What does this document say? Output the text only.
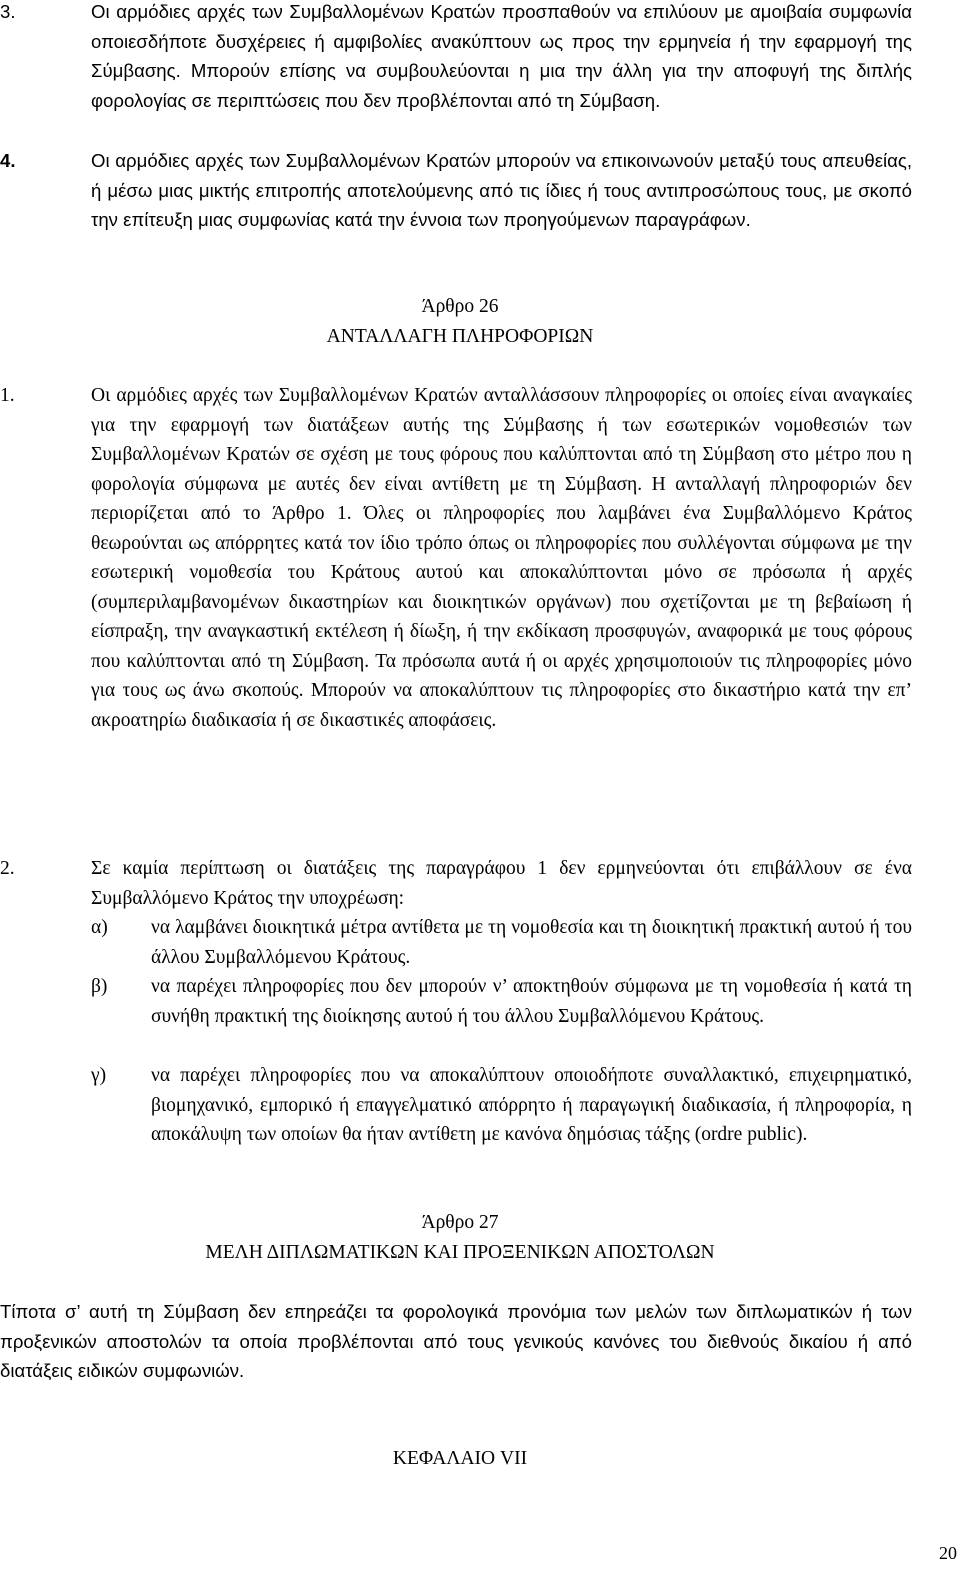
3.	Οι αρμόδιες αρχές των Συμβαλλομένων Κρατών προσπαθούν να επιλύουν με αμοιβαία συμφωνία οποιεσδήποτε δυσχέρειες ή αμφιβολίες ανακύπτουν ως προς την ερμηνεία ή την εφαρμογή της Σύμβασης. Μπορούν επίσης να συμβουλεύονται η μια την άλλη για την αποφυγή της διπλής φορολογίας σε περιπτώσεις που δεν προβλέπονται από τη Σύμβαση.
4.	Οι αρμόδιες αρχές των Συμβαλλομένων Κρατών μπορούν να επικοινωνούν μεταξύ τους απευθείας, ή μέσω μιας μικτής επιτροπής αποτελούμενης από τις ίδιες ή τους αντιπροσώπους τους, με σκοπό την επίτευξη μιας συμφωνίας κατά την έννοια των προηγούμενων παραγράφων.
Άρθρο 26
ΑΝΤΑΛΛΑΓΗ ΠΛΗΡΟΦΟΡΙΩΝ
1.	Οι αρμόδιες αρχές των Συμβαλλομένων Κρατών ανταλλάσσουν πληροφορίες οι οποίες είναι αναγκαίες για την εφαρμογή των διατάξεων αυτής της Σύμβασης ή των εσωτερικών νομοθεσιών των Συμβαλλομένων Κρατών σε σχέση με τους φόρους που καλύπτονται από τη Σύμβαση στο μέτρο που η φορολογία σύμφωνα με αυτές δεν είναι αντίθετη με τη Σύμβαση. Η ανταλλαγή πληροφοριών δεν περιορίζεται από το Άρθρο 1. Όλες οι πληροφορίες που λαμβάνει ένα Συμβαλλόμενο Κράτος θεωρούνται ως απόρρητες κατά τον ίδιο τρόπο όπως οι πληροφορίες που συλλέγονται σύμφωνα με την εσωτερική νομοθεσία του Κράτους αυτού και αποκαλύπτονται μόνο σε πρόσωπα ή αρχές (συμπεριλαμβανομένων δικαστηρίων και διοικητικών οργάνων) που σχετίζονται με τη βεβαίωση ή είσπραξη, την αναγκαστική εκτέλεση ή δίωξη, ή την εκδίκαση προσφυγών, αναφορικά με τους φόρους που καλύπτονται από τη Σύμβαση. Τα πρόσωπα αυτά ή οι αρχές χρησιμοποιούν τις πληροφορίες μόνο για τους ως άνω σκοπούς. Μπορούν να αποκαλύπτουν τις πληροφορίες στο δικαστήριο κατά την επ’ ακροατηρίω διαδικασία ή σε δικαστικές αποφάσεις.
2.	Σε καμία περίπτωση οι διατάξεις της παραγράφου 1 δεν ερμηνεύονται ότι επιβάλλουν σε ένα Συμβαλλόμενο Κράτος την υποχρέωση:
α) να λαμβάνει διοικητικά μέτρα αντίθετα με τη νομοθεσία και τη διοικητική πρακτική αυτού ή του άλλου Συμβαλλόμενου Κράτους.
β) να παρέχει πληροφορίες που δεν μπορούν ν’ αποκτηθούν σύμφωνα με τη νομοθεσία ή κατά τη συνήθη πρακτική της διοίκησης αυτού ή του άλλου Συμβαλλόμενου Κράτους.
γ) να παρέχει πληροφορίες που να αποκαλύπτουν οποιοδήποτε συναλλακτικό, επιχειρηματικό, βιομηχανικό, εμπορικό ή επαγγελματικό απόρρητο ή παραγωγική διαδικασία, ή πληροφορία, η αποκάλυψη των οποίων θα ήταν αντίθετη με κανόνα δημόσιας τάξης (ordre public).
Άρθρο 27
ΜΕΛΗ ΔΙΠΛΩΜΑΤΙΚΩΝ ΚΑΙ ΠΡΟΞΕΝΙΚΩΝ ΑΠΟΣΤΟΛΩΝ
Τίποτα σ’ αυτή τη Σύμβαση δεν επηρεάζει τα φορολογικά προνόμια των μελών των διπλωματικών ή των προξενικών αποστολών τα οποία προβλέπονται από τους γενικούς κανόνες του διεθνούς δικαίου ή από διατάξεις ειδικών συμφωνιών.
ΚΕΦΑΛΑΙΟ VII
20
